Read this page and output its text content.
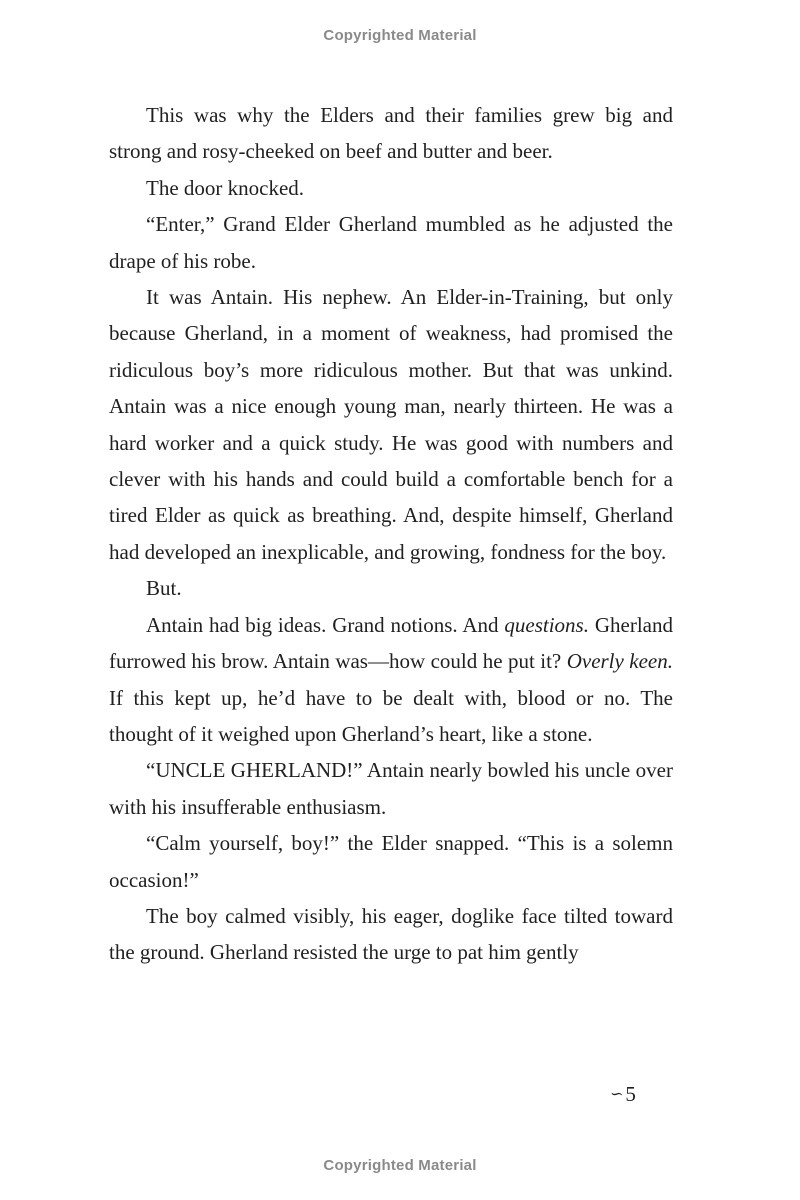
Copyrighted Material

This was why the Elders and their families grew big and strong and rosy-cheeked on beef and butter and beer.

The door knocked.

“Enter,” Grand Elder Gherland mumbled as he adjusted the drape of his robe.

It was Antain. His nephew. An Elder-in-Training, but only because Gherland, in a moment of weakness, had promised the ridiculous boy’s more ridiculous mother. But that was unkind. Antain was a nice enough young man, nearly thirteen. He was a hard worker and a quick study. He was good with numbers and clever with his hands and could build a comfortable bench for a tired Elder as quick as breathing. And, despite himself, Gherland had developed an inexplicable, and growing, fondness for the boy.

But.

Antain had big ideas. Grand notions. And questions. Gherland furrowed his brow. Antain was—how could he put it? Overly keen. If this kept up, he’d have to be dealt with, blood or no. The thought of it weighed upon Gherland’s heart, like a stone.

“UNCLE GHERLAND!” Antain nearly bowled his uncle over with his insufferable enthusiasm.

“Calm yourself, boy!” the Elder snapped. “This is a solemn occasion!”

The boy calmed visibly, his eager, doglike face tilted toward the ground. Gherland resisted the urge to pat him gently

∽5
Copyrighted Material
